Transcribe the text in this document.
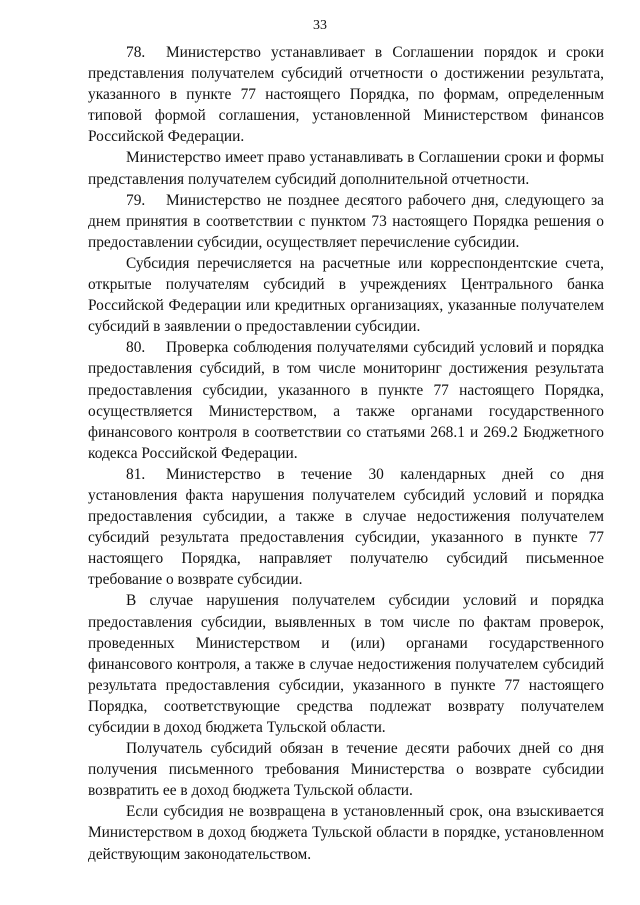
33

78. Министерство устанавливает в Соглашении порядок и сроки представления получателем субсидий отчетности о достижении результата, указанного в пункте 77 настоящего Порядка, по формам, определенным типовой формой соглашения, установленной Министерством финансов Российской Федерации.

Министерство имеет право устанавливать в Соглашении сроки и формы представления получателем субсидий дополнительной отчетности.

79. Министерство не позднее десятого рабочего дня, следующего за днем принятия в соответствии с пунктом 73 настоящего Порядка решения о предоставлении субсидии, осуществляет перечисление субсидии.

Субсидия перечисляется на расчетные или корреспондентские счета, открытые получателям субсидий в учреждениях Центрального банка Российской Федерации или кредитных организациях, указанные получателем субсидий в заявлении о предоставлении субсидии.

80. Проверка соблюдения получателями субсидий условий и порядка предоставления субсидий, в том числе мониторинг достижения результата предоставления субсидии, указанного в пункте 77 настоящего Порядка, осуществляется Министерством, а также органами государственного финансового контроля в соответствии со статьями 268.1 и 269.2 Бюджетного кодекса Российской Федерации.

81. Министерство в течение 30 календарных дней со дня установления факта нарушения получателем субсидий условий и порядка предоставления субсидии, а также в случае недостижения получателем субсидий результата предоставления субсидии, указанного в пункте 77 настоящего Порядка, направляет получателю субсидий письменное требование о возврате субсидии.

В случае нарушения получателем субсидии условий и порядка предоставления субсидии, выявленных в том числе по фактам проверок, проведенных Министерством и (или) органами государственного финансового контроля, а также в случае недостижения получателем субсидий результата предоставления субсидии, указанного в пункте 77 настоящего Порядка, соответствующие средства подлежат возврату получателем субсидии в доход бюджета Тульской области.

Получатель субсидий обязан в течение десяти рабочих дней со дня получения письменного требования Министерства о возврате субсидии возвратить ее в доход бюджета Тульской области.

Если субсидия не возвращена в установленный срок, она взыскивается Министерством в доход бюджета Тульской области в порядке, установленном действующим законодательством.
